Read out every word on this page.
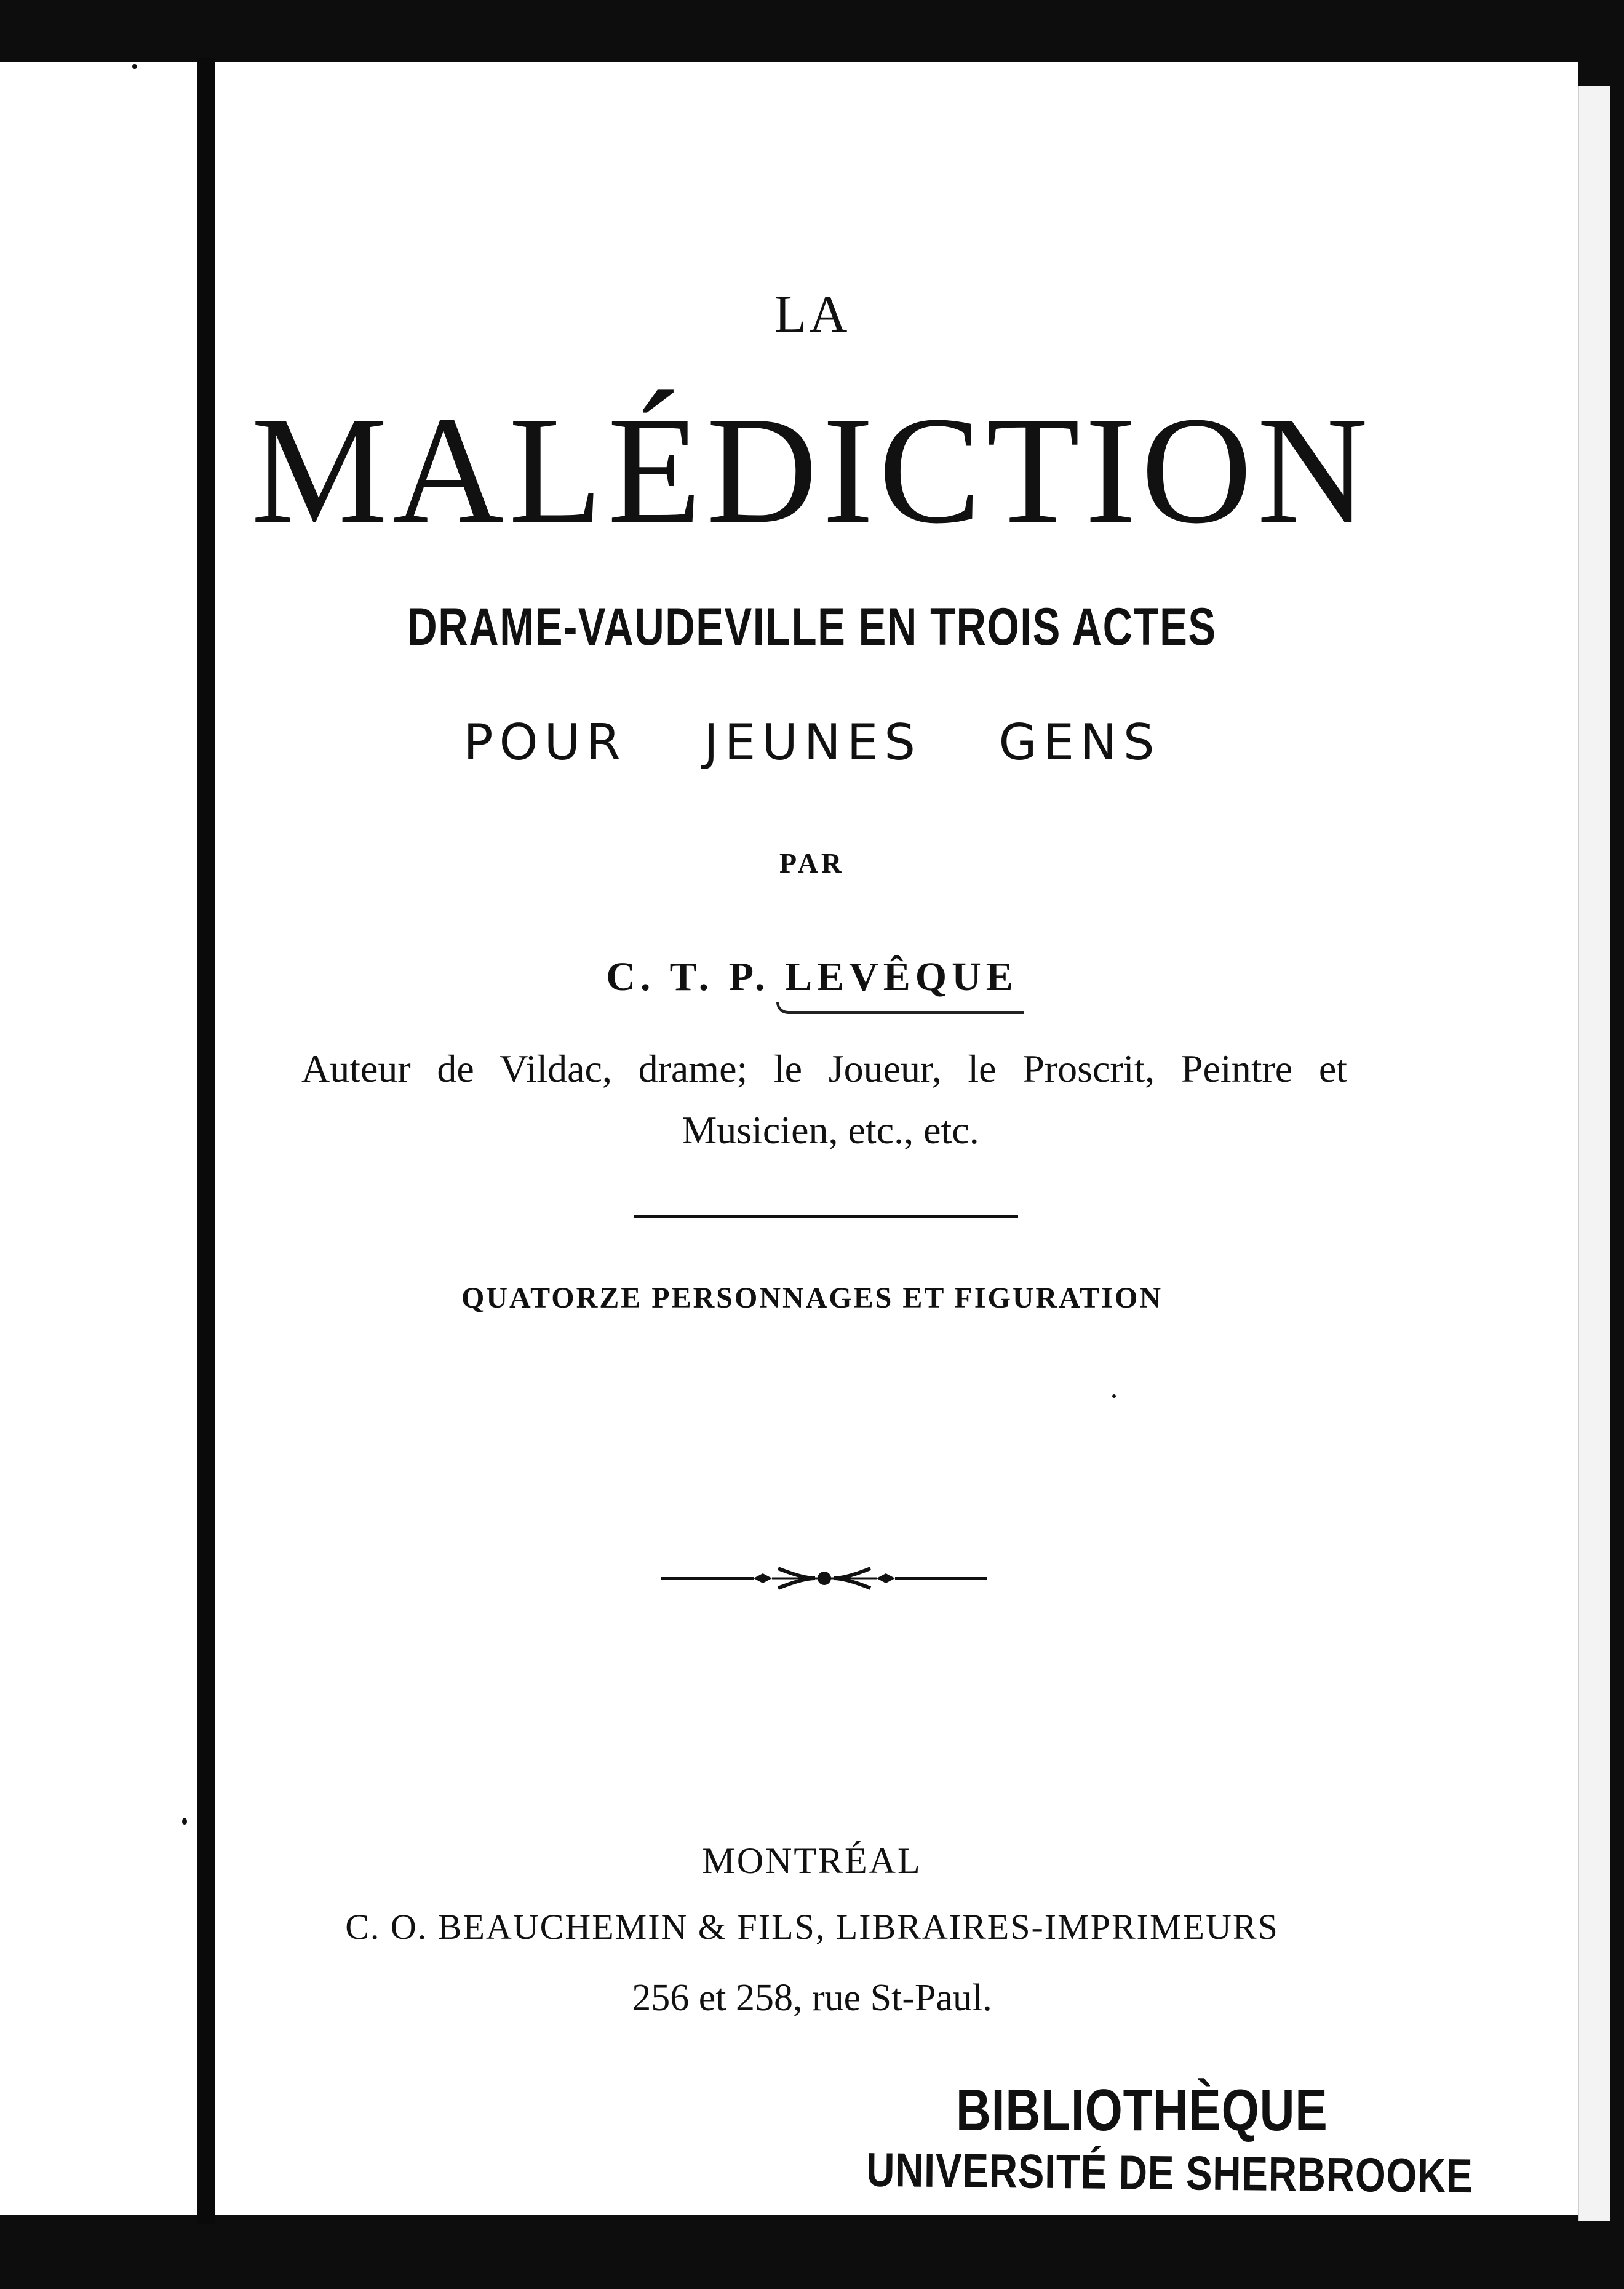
LA
MALÉDICTION
DRAME-VAUDEVILLE EN TROIS ACTES
POUR JEUNES GENS
PAR
C. T. P. LEVÊQUE
Auteur de Vildac, drame; le Joueur, le Proscrit, Peintre et
Musicien, etc., etc.
QUATORZE PERSONNAGES ET FIGURATION
MONTRÉAL
C. O. BEAUCHEMIN & FILS, LIBRAIRES-IMPRIMEURS
256 et 258, rue St-Paul.
BIBLIOTHÈQUE
UNIVERSITÉ DE SHERBROOKE
